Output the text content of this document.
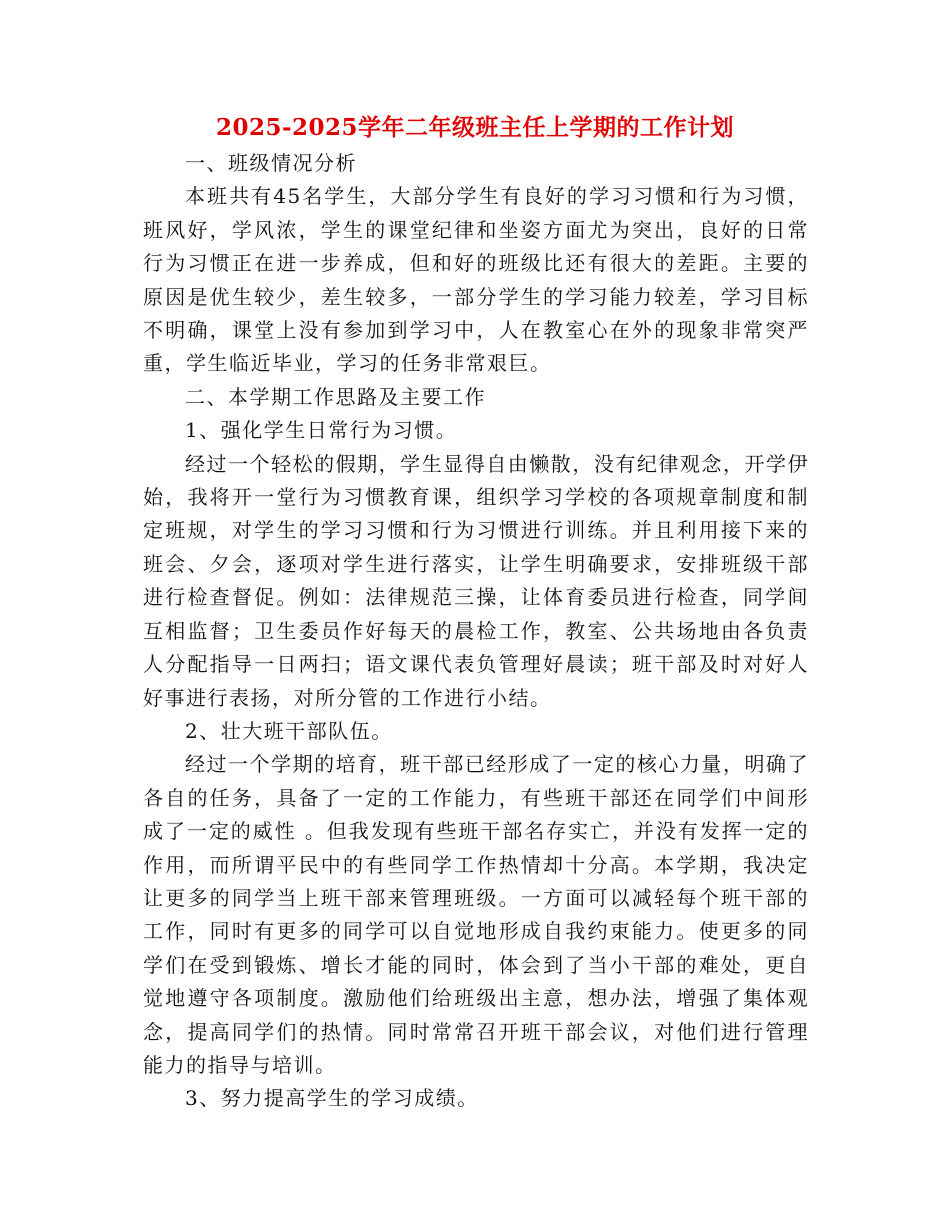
2025-2025学年二年级班主任上学期的工作计划

一、班级情况分析

本班共有45名学生，大部分学生有良好的学习习惯和行为习惯，班风好，学风浓，学生的课堂纪律和坐姿方面尤为突出，良好的日常行为习惯正在进一步养成，但和好的班级比还有很大的差距。主要的原因是优生较少，差生较多，一部分学生的学习能力较差，学习目标不明确，课堂上没有参加到学习中，人在教室心在外的现象非常突严重，学生临近毕业，学习的任务非常艰巨。

二、本学期工作思路及主要工作

1、强化学生日常行为习惯。

经过一个轻松的假期，学生显得自由懒散，没有纪律观念，开学伊始，我将开一堂行为习惯教育课，组织学习学校的各项规章制度和制定班规，对学生的学习习惯和行为习惯进行训练。并且利用接下来的班会、夕会，逐项对学生进行落实，让学生明确要求，安排班级干部进行检查督促。例如：法律规范三操，让体育委员进行检查，同学间互相监督；卫生委员作好每天的晨检工作，教室、公共场地由各负责人分配指导一日两扫；语文课代表负管理好晨读；班干部及时对好人好事进行表扬，对所分管的工作进行小结。

2、壮大班干部队伍。

经过一个学期的培育，班干部已经形成了一定的核心力量，明确了各自的任务，具备了一定的工作能力，有些班干部还在同学们中间形成了一定的威性 。但我发现有些班干部名存实亡，并没有发挥一定的作用，而所谓平民中的有些同学工作热情却十分高。本学期，我决定让更多的同学当上班干部来管理班级。一方面可以减轻每个班干部的工作，同时有更多的同学可以自觉地形成自我约束能力。使更多的同学们在受到锻炼、增长才能的同时，体会到了当小干部的难处，更自觉地遵守各项制度。激励他们给班级出主意，想办法，增强了集体观念，提高同学们的热情。同时常常召开班干部会议，对他们进行管理能力的指导与培训。

3、努力提高学生的学习成绩。
